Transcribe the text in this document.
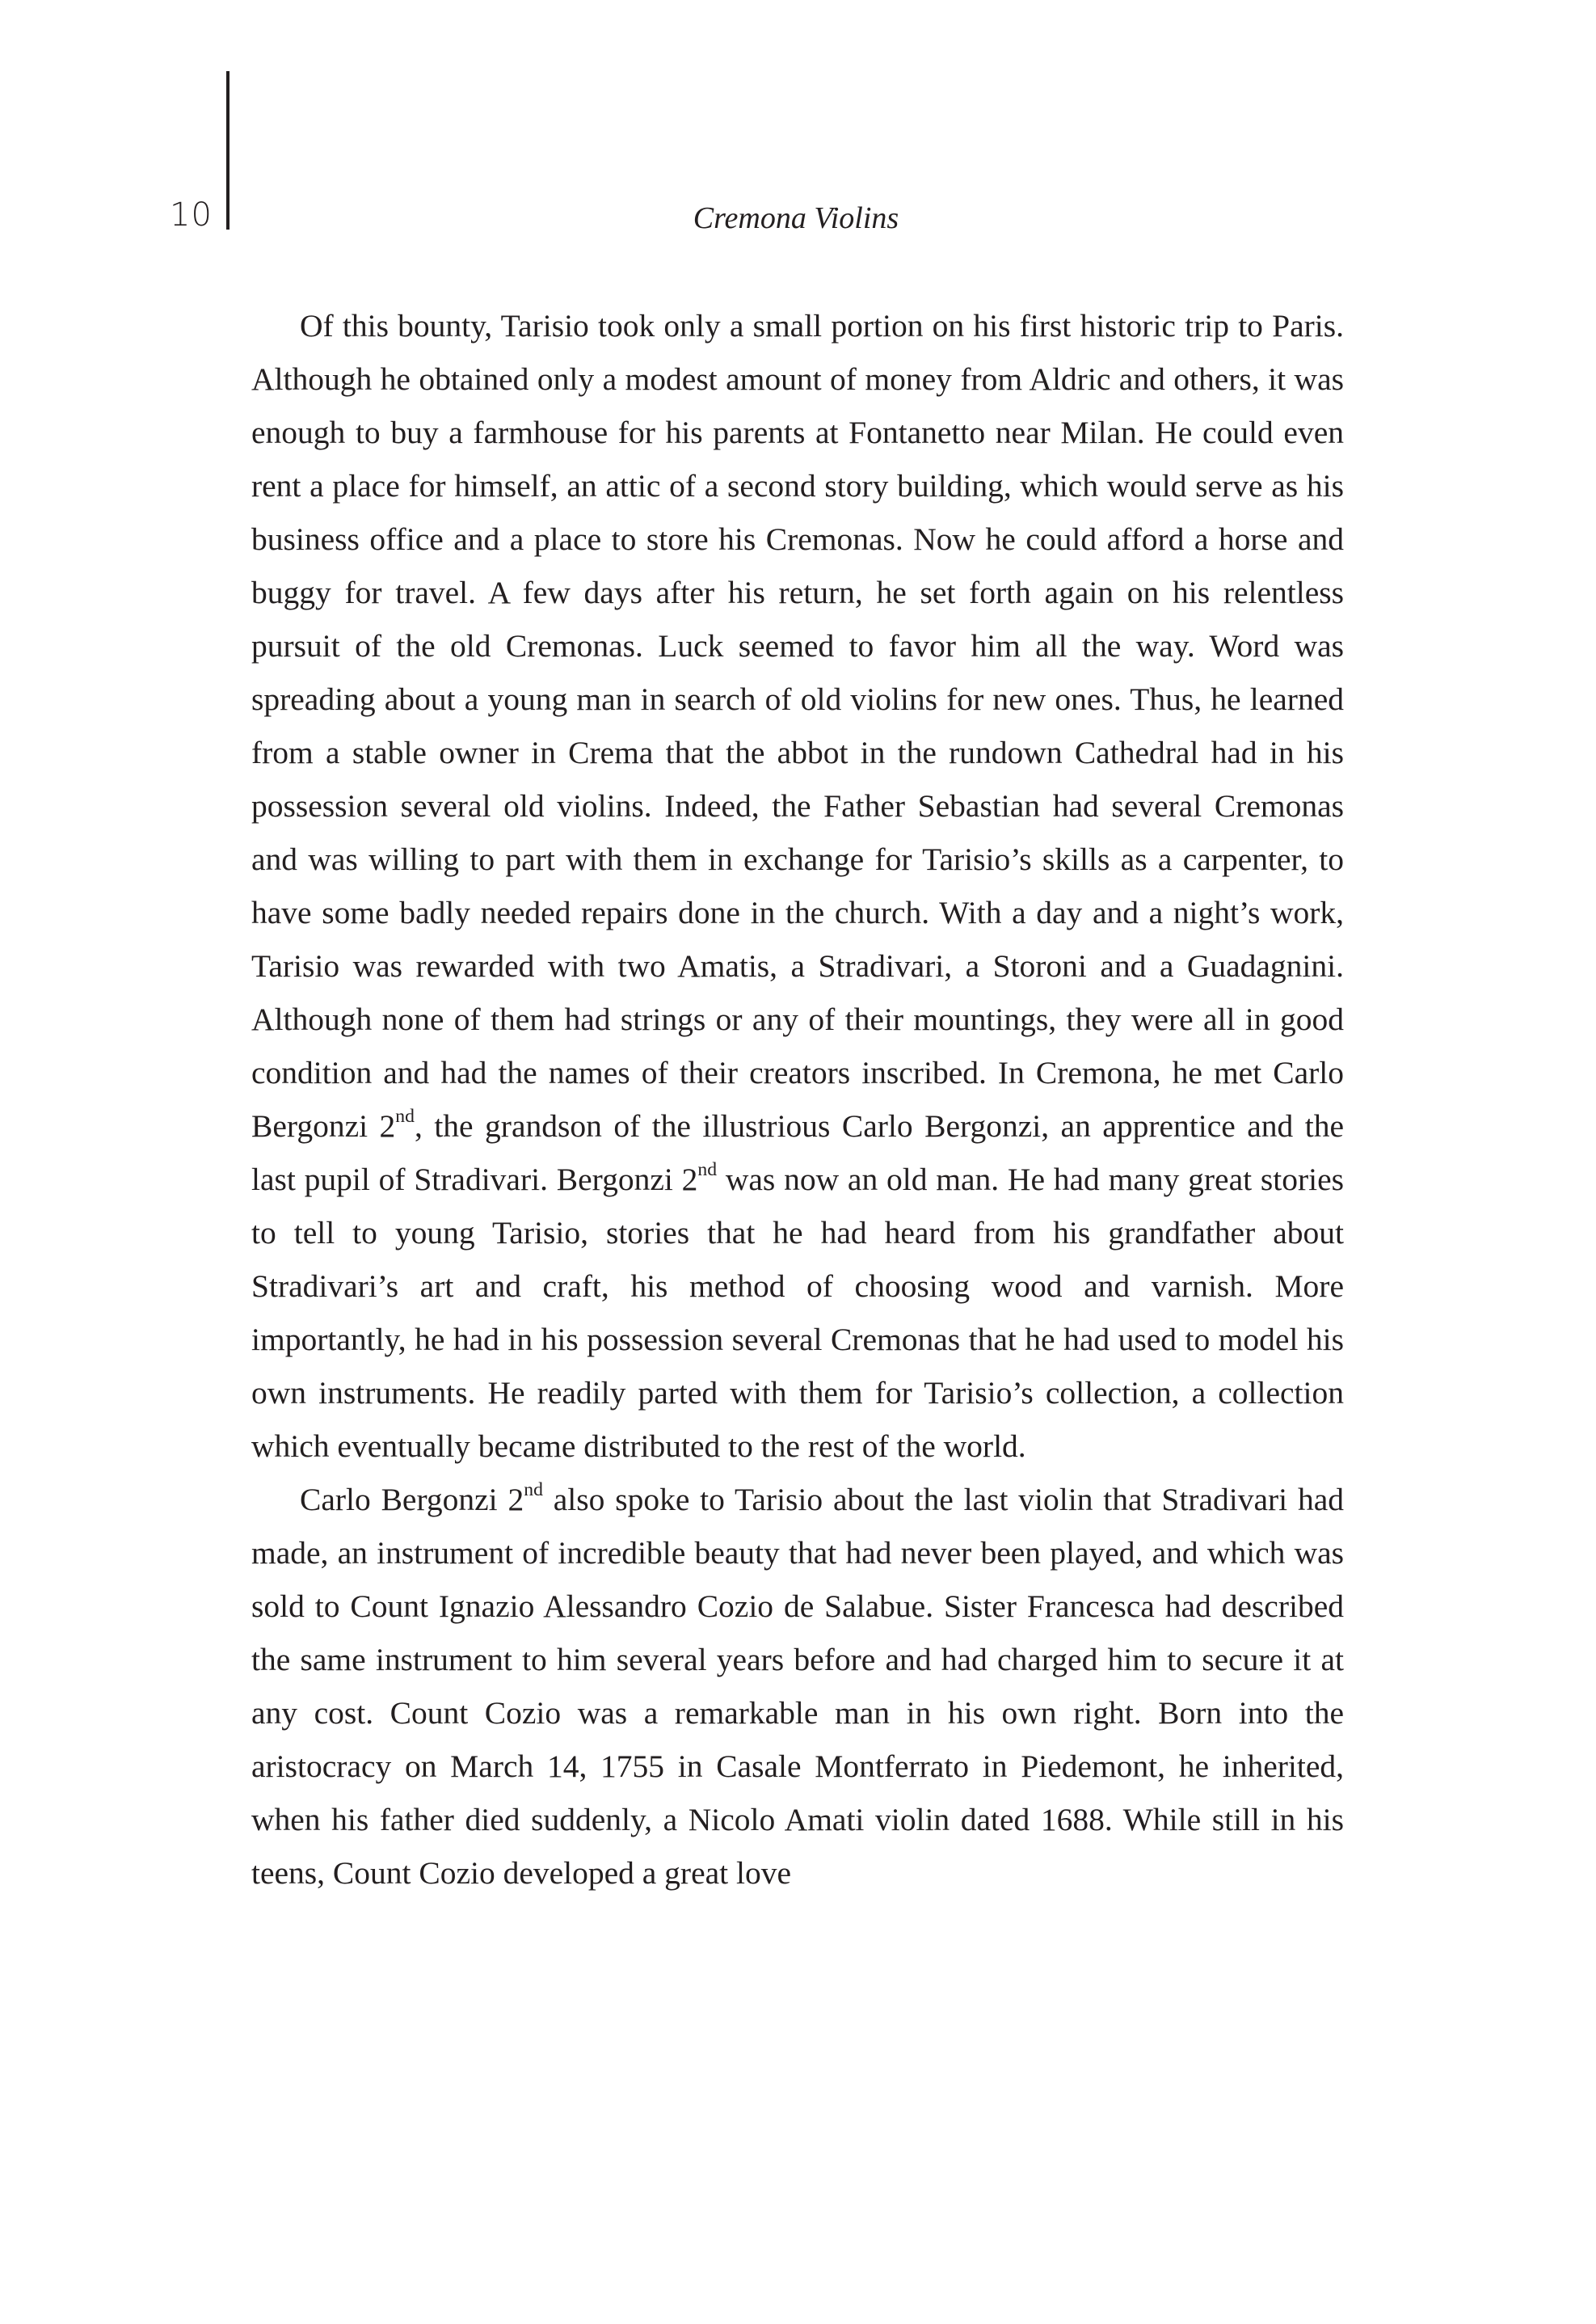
10	Cremona Violins

Of this bounty, Tarisio took only a small portion on his first historic trip to Paris. Although he obtained only a modest amount of money from Aldric and others, it was enough to buy a farmhouse for his parents at Fontanetto near Milan. He could even rent a place for himself, an attic of a second story building, which would serve as his business office and a place to store his Cremonas. Now he could afford a horse and buggy for travel. A few days after his return, he set forth again on his relentless pursuit of the old Cremonas. Luck seemed to favor him all the way. Word was spreading about a young man in search of old violins for new ones. Thus, he learned from a stable owner in Crema that the abbot in the rundown Cathedral had in his possession several old violins. Indeed, the Father Sebastian had several Cremonas and was willing to part with them in exchange for Tarisio’s skills as a carpenter, to have some badly needed repairs done in the church. With a day and a night’s work, Tarisio was rewarded with two Amatis, a Stradivari, a Storoni and a Guadagnini. Although none of them had strings or any of their mountings, they were all in good condition and had the names of their creators inscribed. In Cremona, he met Carlo Bergonzi 2nd, the grandson of the illustrious Carlo Bergonzi, an apprentice and the last pupil of Stradivari. Bergonzi 2nd was now an old man. He had many great stories to tell to young Tarisio, stories that he had heard from his grandfather about Stradivari’s art and craft, his method of choosing wood and varnish. More importantly, he had in his possession several Cremonas that he had used to model his own instruments. He readily parted with them for Tarisio’s collection, a collection which eventually became distributed to the rest of the world.

Carlo Bergonzi 2nd also spoke to Tarisio about the last violin that Stradivari had made, an instrument of incredible beauty that had never been played, and which was sold to Count Ignazio Alessandro Cozio de Salabue. Sister Francesca had described the same instrument to him several years before and had charged him to secure it at any cost. Count Cozio was a remarkable man in his own right. Born into the aristocracy on March 14, 1755 in Casale Montferrato in Piedemont, he inherited, when his father died suddenly, a Nicolo Amati violin dated 1688. While still in his teens, Count Cozio developed a great love
